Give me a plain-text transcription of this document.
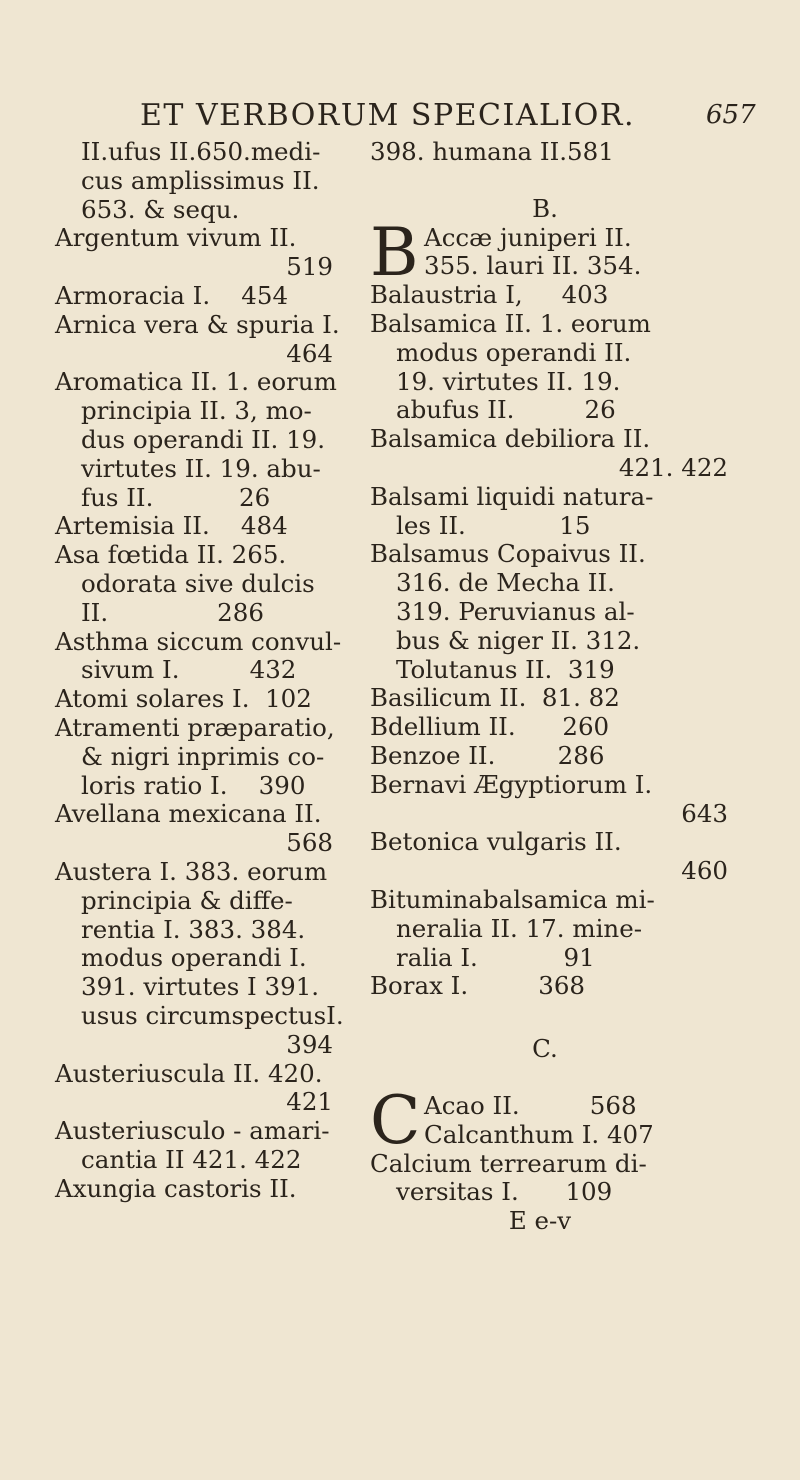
ET VERBORUM SPECIALIOR.	657
II.ufus II.650.medi-
cus amplissimus II.
653. & sequ.
Argentum vivum II.
519
Armoracia I.    454
Arnica vera & spuria I.
464
Aromatica II. 1. eorum
principia II. 3, mo-
dus operandi II. 19.
virtutes II. 19. abu-
fus II.           26
Artemisia II.    484
Asa fœtida II. 265.
odorata sive dulcis
II.              286
Asthma siccum convul-
sivum I.         432
Atomi solares I.  102
Atramenti præparatio,
& nigri inprimis co-
loris ratio I.    390
Avellana mexicana II.
568
Austera I. 383. eorum
principia & diffe-
rentia I. 383. 384.
modus operandi I.
391. virtutes I 391.
usus circumspectusI.
394
Austeriuscula II. 420.
421
Austeriusculo - amari-
cantia II 421. 422
Axungia castoris II.
398. humana II.581
B.
B Accæ juniperi II.
355. lauri II. 354.
Balaustria I,     403
Balsamica II. 1. eorum
modus operandi II.
19. virtutes II. 19.
abufus II.         26
Balsamica debiliora II.
421. 422
Balsami liquidi natura-
les II.            15
Balsamus Copaivus II.
316. de Mecha II.
319. Peruvianus al-
bus & niger II. 312.
Tolutanus II.  319
Basilicum II.  81. 82
Bdellium II.      260
Benzoe II.        286
Bernavi Ægyptiorum I.
643
Betonica vulgaris II.
460
Bituminabalsamica mi-
neralia II. 17. mine-
ralia I.           91
Borax I.         368
C.
C Acao II.         568
Calcanthum I. 407
Calcium terrearum di-
versitas I.      109
E e-v
